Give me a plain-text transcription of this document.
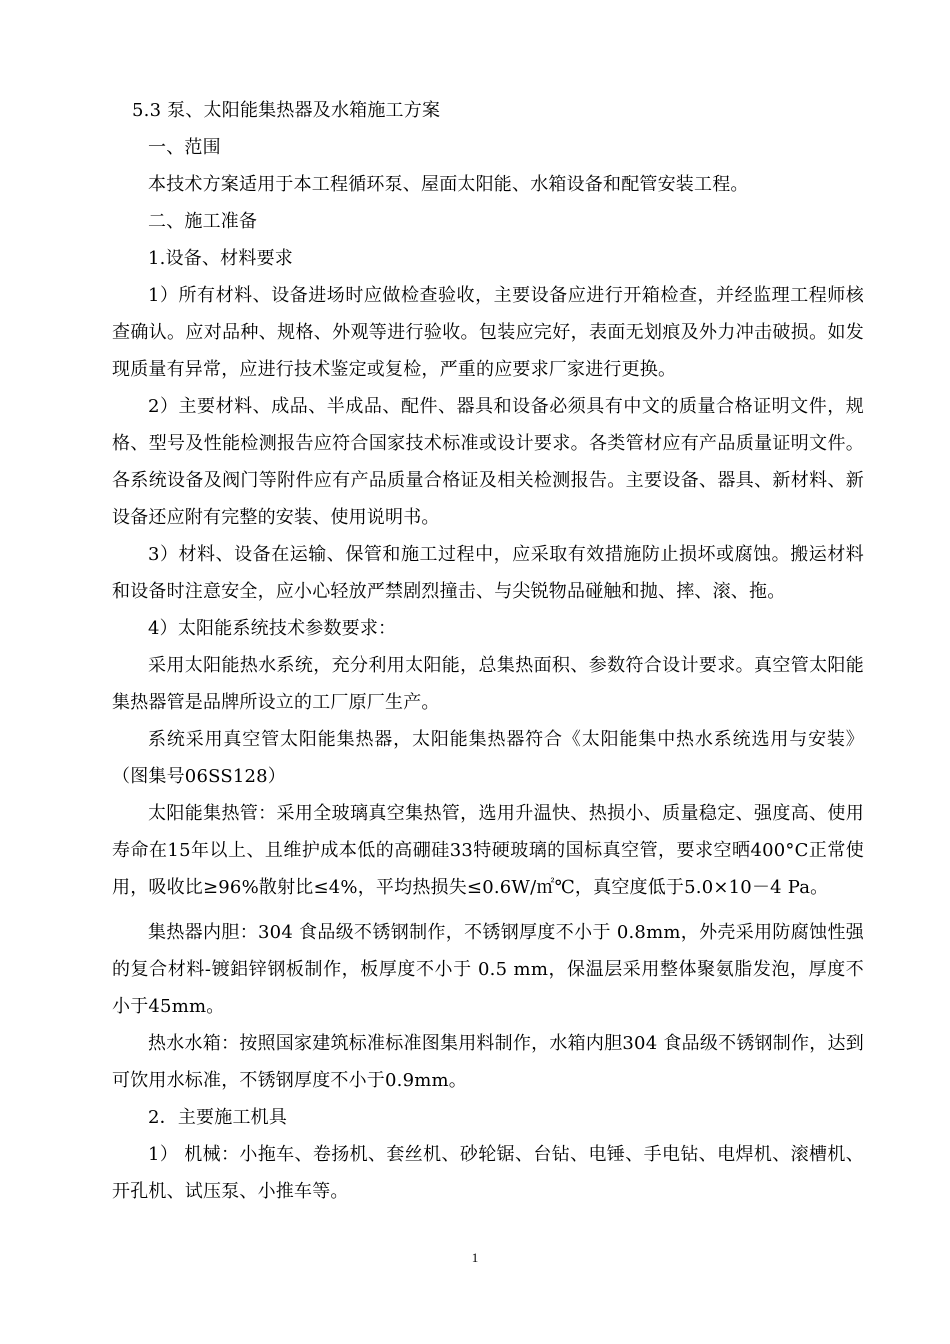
5.3 泵、太阳能集热器及水箱施工方案

一、范围

本技术方案适用于本工程循环泵、屋面太阳能、水箱设备和配管安装工程。

二、施工准备

1.设备、材料要求

1）所有材料、设备进场时应做检查验收，主要设备应进行开箱检查，并经监理工程师核查确认。应对品种、规格、外观等进行验收。包装应完好，表面无划痕及外力冲击破损。如发现质量有异常，应进行技术鉴定或复检，严重的应要求厂家进行更换。

2）主要材料、成品、半成品、配件、器具和设备必须具有中文的质量合格证明文件，规格、型号及性能检测报告应符合国家技术标准或设计要求。各类管材应有产品质量证明文件。各系统设备及阀门等附件应有产品质量合格证及相关检测报告。主要设备、器具、新材料、新设备还应附有完整的安装、使用说明书。

3）材料、设备在运输、保管和施工过程中，应采取有效措施防止损坏或腐蚀。搬运材料和设备时注意安全，应小心轻放严禁剧烈撞击、与尖锐物品碰触和抛、摔、滚、拖。

4）太阳能系统技术参数要求：

采用太阳能热水系统，充分利用太阳能，总集热面积、参数符合设计要求。真空管太阳能集热器管是品牌所设立的工厂原厂生产。

系统采用真空管太阳能集热器，太阳能集热器符合《太阳能集中热水系统选用与安装》（图集号06SS128）

太阳能集热管：采用全玻璃真空集热管，选用升温快、热损小、质量稳定、强度高、使用寿命在15年以上、且维护成本低的高硼硅33特硬玻璃的国标真空管，要求空晒400°C正常使用，吸收比≥96%散射比≤4%，平均热损失≤0.6W/㎡℃，真空度低于5.0×10－4 Pa。

集热器内胆：304 食品级不锈钢制作，不锈钢厚度不小于 0.8mm，外壳采用防腐蚀性强的复合材料-镀鋁锌钢板制作，板厚度不小于 0.5 mm，保温层采用整体聚氨脂发泡，厚度不小于45mm。

热水水箱：按照国家建筑标准标准图集用料制作，水箱内胆304 食品级不锈钢制作，达到可饮用水标准，不锈钢厚度不小于0.9mm。

2．主要施工机具

1） 机械：小拖车、卷扬机、套丝机、砂轮锯、台钻、电锤、手电钻、电焊机、滚槽机、开孔机、试压泵、小推车等。

1
